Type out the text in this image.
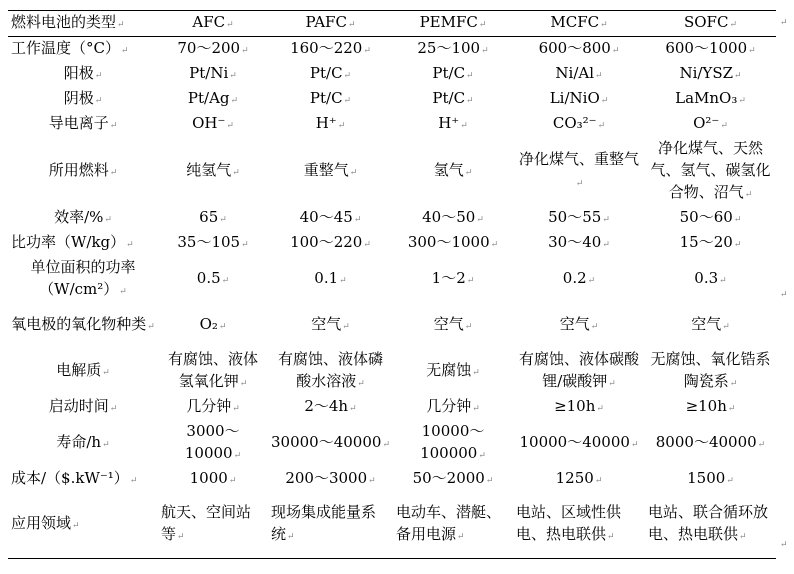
燃料电池的类型↵	AFC↵	PAFC↵	PEMFC↵	MCFC↵	SOFC↵
工作温度（°C）↵	70～200↵	160～220↵	25～100↵	600～800↵	600～1000↵
阳极↵	Pt/Ni↵	Pt/C↵	Pt/C↵	Ni/Al↵	Ni/YSZ↵
阴极↵	Pt/Ag↵	Pt/C↵	Pt/C↵	Li/NiO↵	LaMnO₃↵
导电离子↵	OH⁻↵	H⁺↵	H⁺↵	CO₃²⁻↵	O²⁻↵
所用燃料↵	纯氢气↵	重整气↵	氢气↵	净化煤气、重整气↵	净化煤气、天然气、氢气、碳氢化合物、沼气↵
效率/%↵	65↵	40～45↵	40～50↵	50～55↵	50～60↵
比功率（W/kg）↵	35～105↵	100～220↵	300～1000↵	30～40↵	15～20↵
单位面积的功率（W/cm²）↵	0.5↵	0.1↵	1～2↵	0.2↵	0.3↵
氧电极的氧化物种类↵	O₂↵	空气↵	空气↵	空气↵	空气↵
电解质↵	有腐蚀、液体氢氧化钾↵	有腐蚀、液体磷酸水溶液↵	无腐蚀↵	有腐蚀、液体碳酸锂/碳酸钾↵	无腐蚀、氧化锆系陶瓷系↵
启动时间↵	几分钟↵	2～4h↵	几分钟↵	≥10h↵	≥10h↵
寿命/h↵	3000～10000↵	30000～40000↵	10000～100000↵	10000～40000↵	8000～40000↵
成本/（$.kW⁻¹）↵	1000↵	200～3000↵	50～2000↵	1250↵	1500↵
应用领域↵	航天、空间站等↵	现场集成能量系统↵	电动车、潜艇、备用电源↵	电站、区域性供电、热电联供↵	电站、联合循环放电、热电联供↵
↵
↵
↵
